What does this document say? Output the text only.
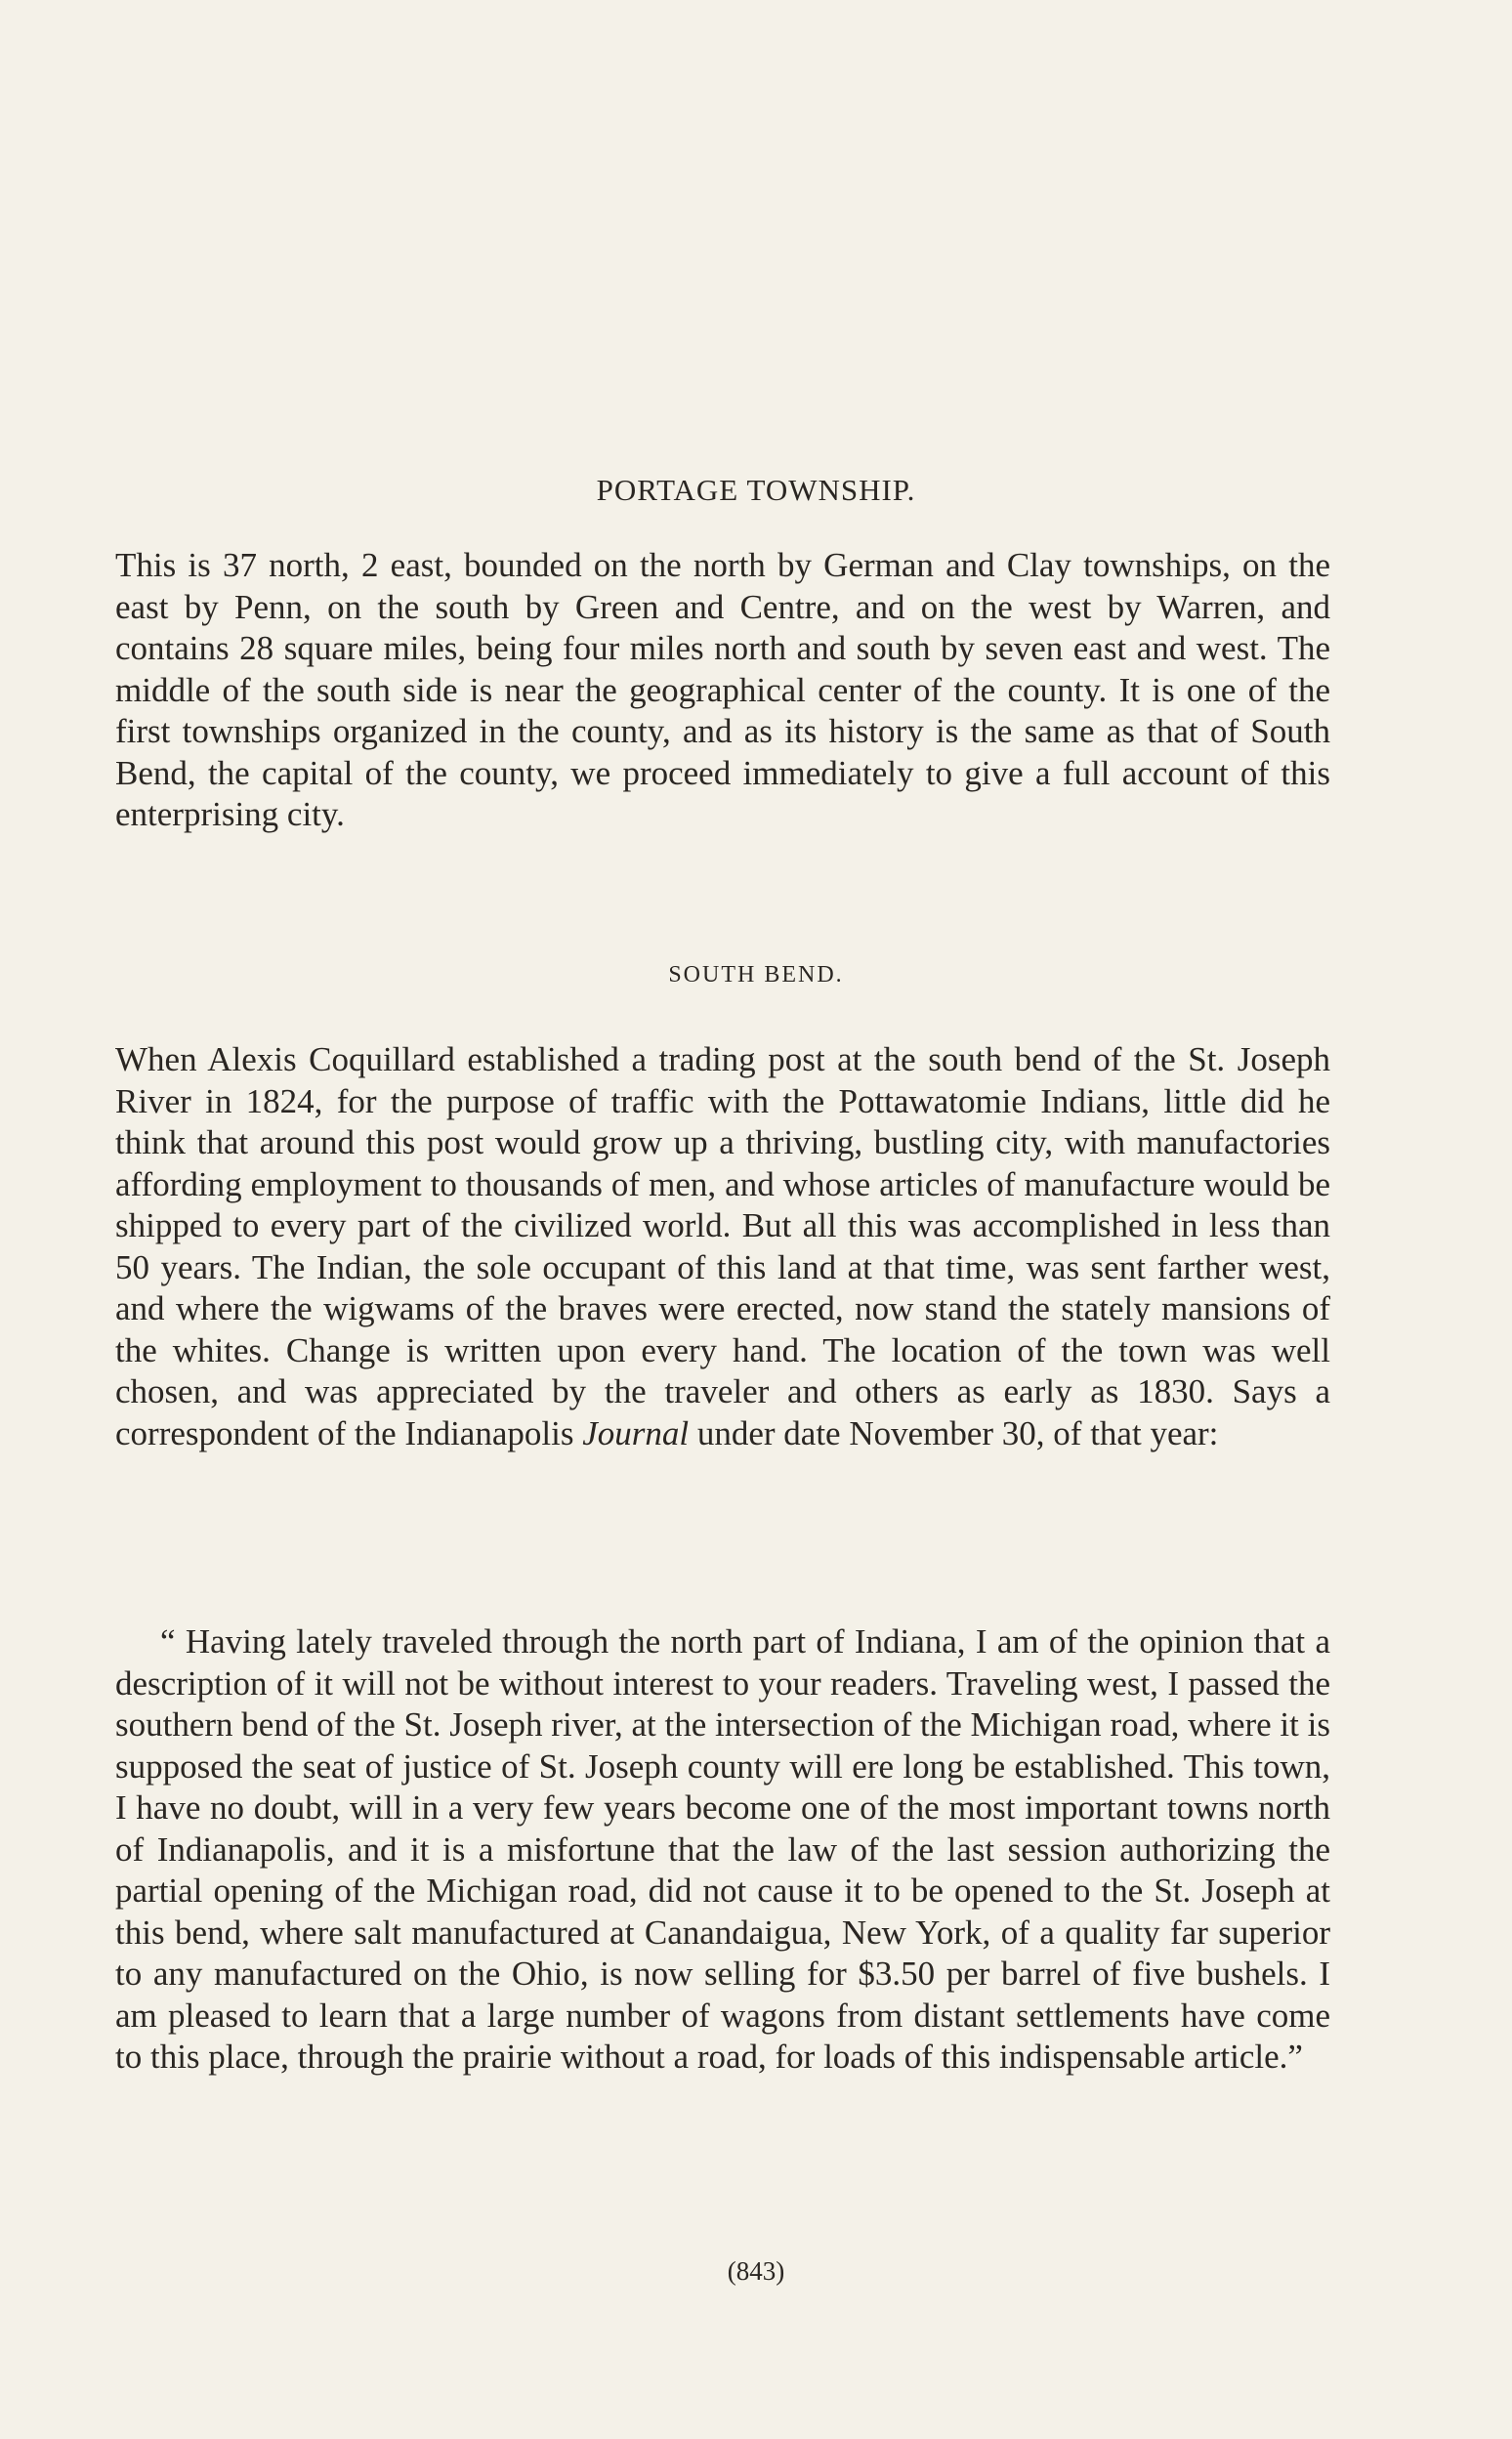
PORTAGE TOWNSHIP.

This is 37 north, 2 east, bounded on the north by German and Clay townships, on the east by Penn, on the south by Green and Centre, and on the west by Warren, and contains 28 square miles, being four miles north and south by seven east and west. The middle of the south side is near the geographical center of the county. It is one of the first townships organized in the county, and as its history is the same as that of South Bend, the capital of the county, we proceed immediately to give a full account of this enterprising city.

SOUTH BEND.

When Alexis Coquillard established a trading post at the south bend of the St. Joseph River in 1824, for the purpose of traffic with the Pottawatomie Indians, little did he think that around this post would grow up a thriving, bustling city, with manufactories affording employment to thousands of men, and whose articles of manufacture would be shipped to every part of the civilized world. But all this was accomplished in less than 50 years. The Indian, the sole occupant of this land at that time, was sent farther west, and where the wigwams of the braves were erected, now stand the stately mansions of the whites. Change is written upon every hand. The location of the town was well chosen, and was appreciated by the traveler and others as early as 1830. Says a correspondent of the Indianapolis Journal under date November 30, of that year:

“ Having lately traveled through the north part of Indiana, I am of the opinion that a description of it will not be without interest to your readers. Traveling west, I passed the southern bend of the St. Joseph river, at the intersection of the Michigan road, where it is supposed the seat of justice of St. Joseph county will ere long be established. This town, I have no doubt, will in a very few years become one of the most important towns north of Indianapolis, and it is a misfortune that the law of the last session authorizing the partial opening of the Michigan road, did not cause it to be opened to the St. Joseph at this bend, where salt manufactured at Canandaigua, New York, of a quality far superior to any manufactured on the Ohio, is now selling for $3.50 per barrel of five bushels. I am pleased to learn that a large number of wagons from distant settlements have come to this place, through the prairie without a road, for loads of this indispensable article.”

(843)
